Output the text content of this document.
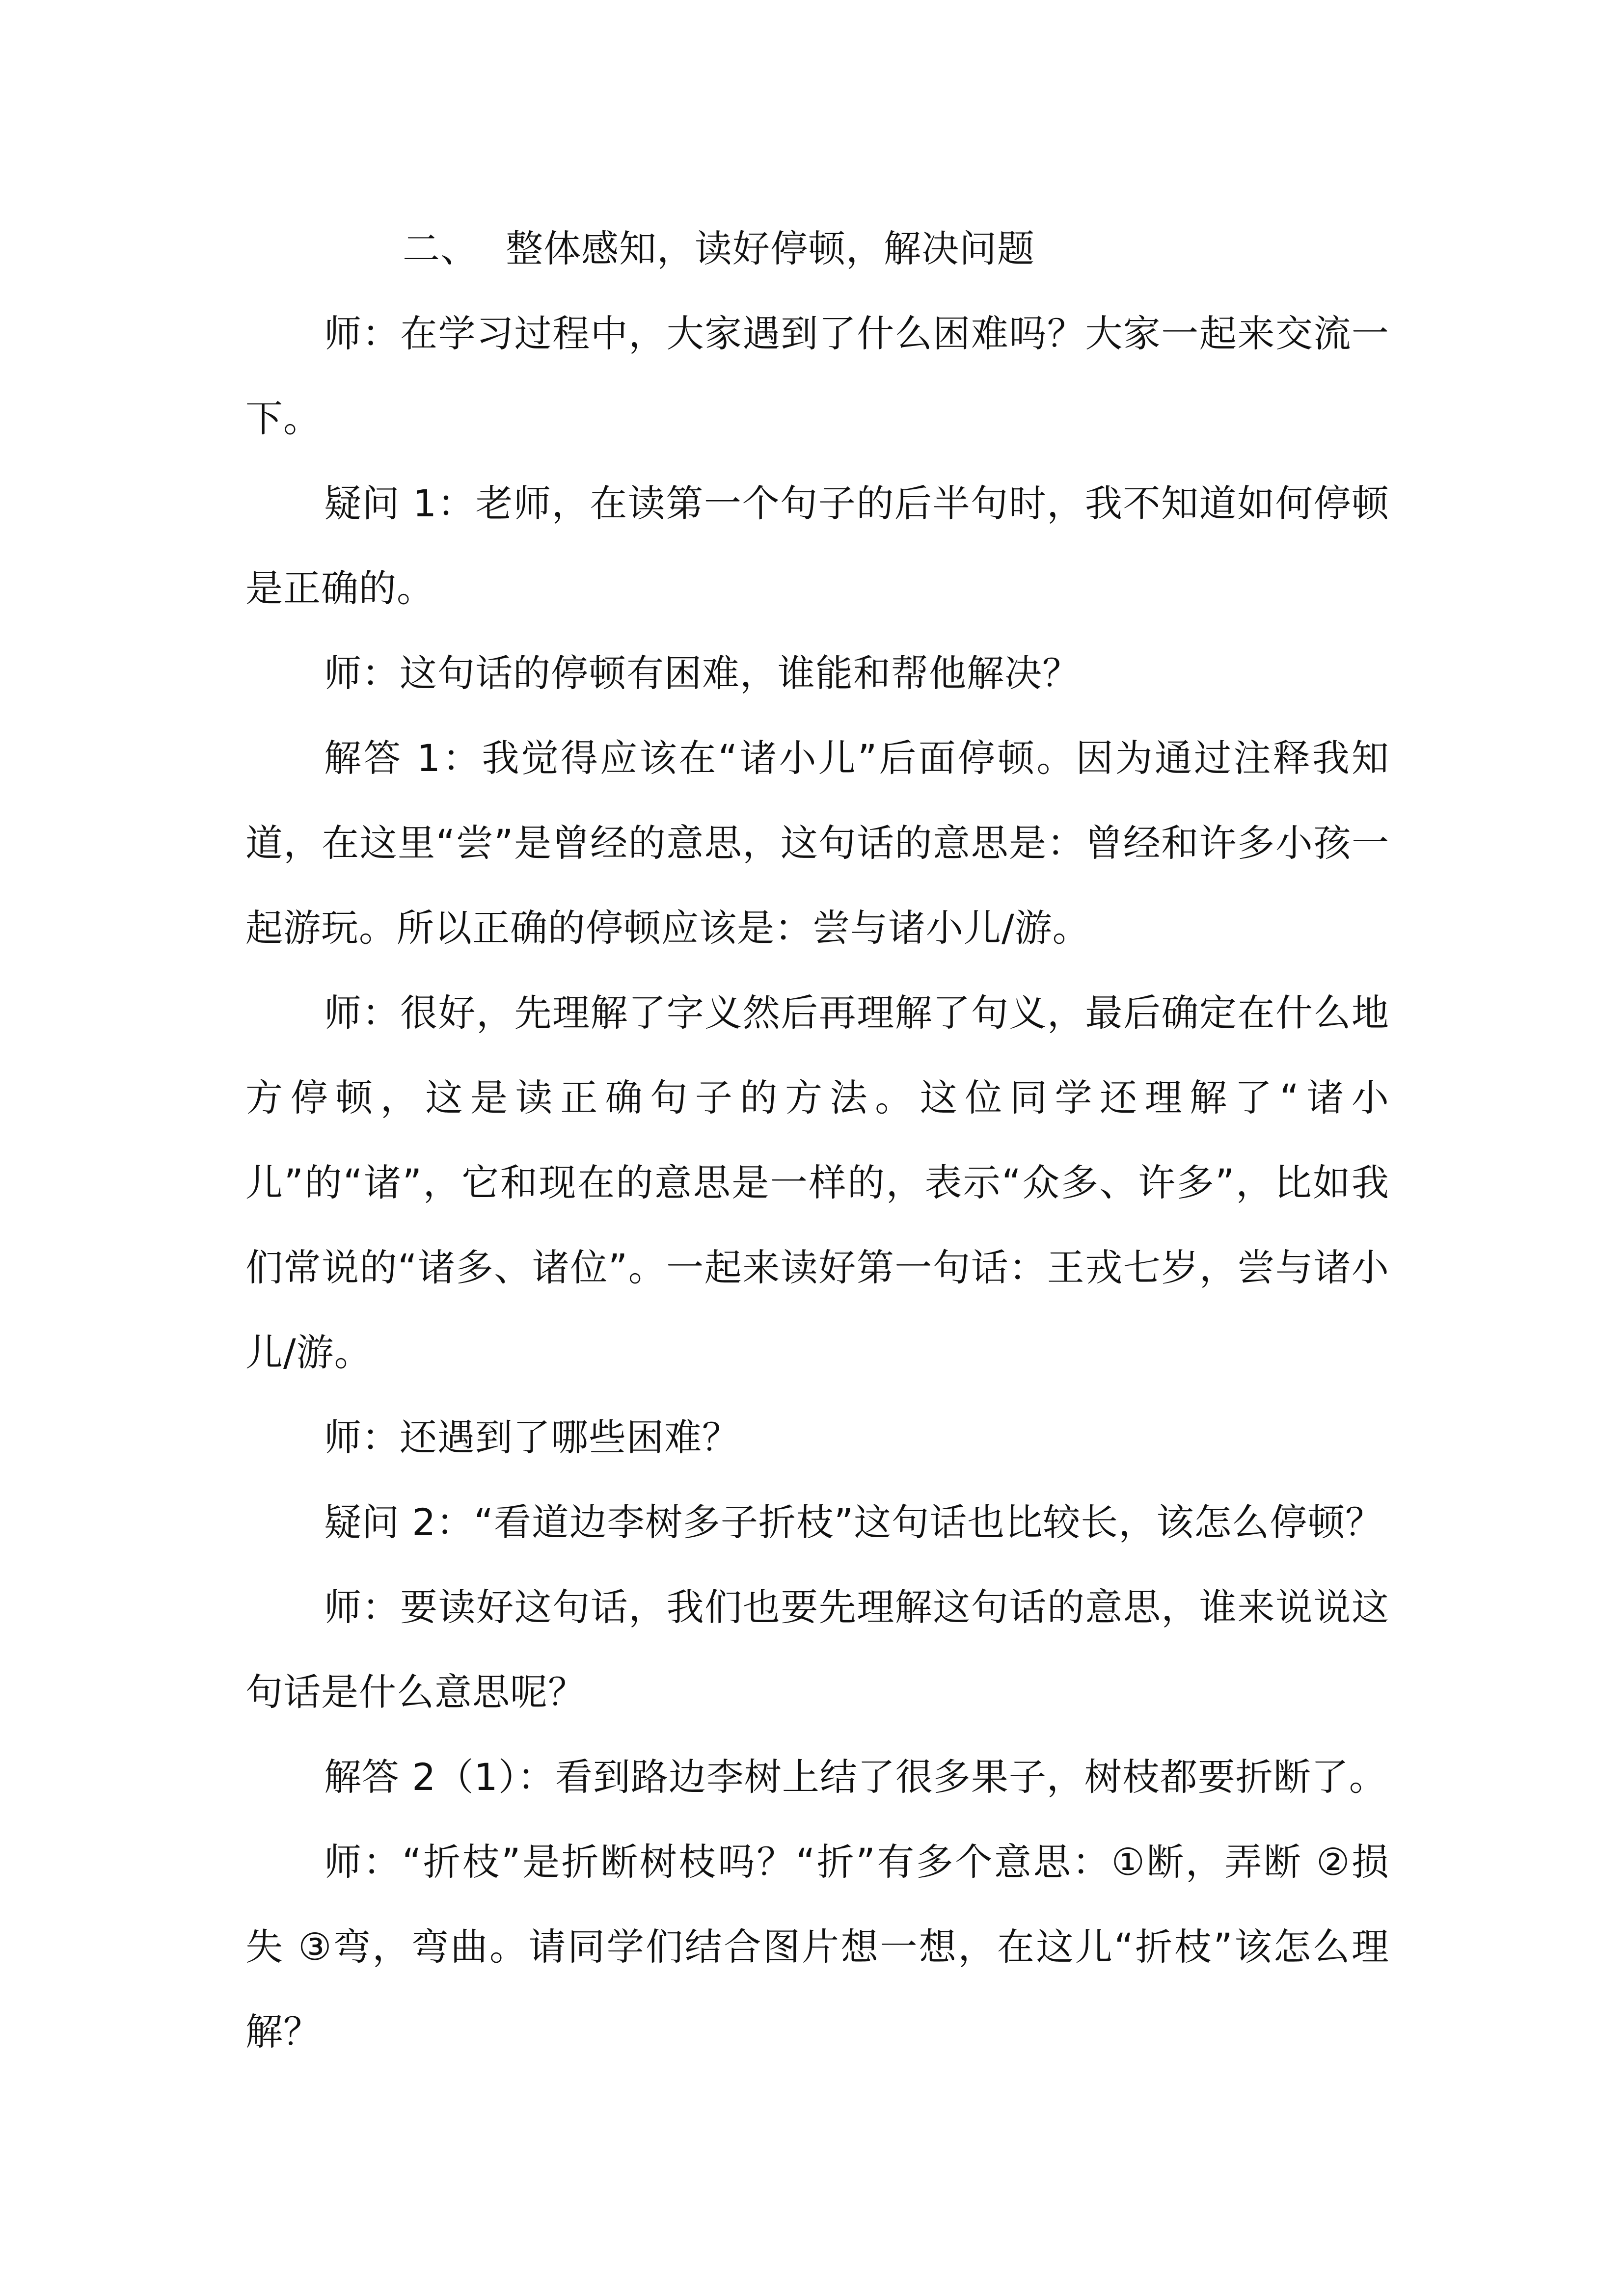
二、 整体感知，读好停顿，解决问题

师：在学习过程中，大家遇到了什么困难吗？大家一起来交流一下。

疑问 1：老师，在读第一个句子的后半句时，我不知道如何停顿是正确的。

师：这句话的停顿有困难，谁能和帮他解决？

解答 1：我觉得应该在“诸小儿”后面停顿。因为通过注释我知道，在这里“尝”是曾经的意思，这句话的意思是：曾经和许多小孩一起游玩。所以正确的停顿应该是：尝与诸小儿/游。

师：很好，先理解了字义然后再理解了句义，最后确定在什么地方停顿，这是读正确句子的方法。这位同学还理解了“诸小儿”的“诸”，它和现在的意思是一样的，表示“众多、许多”，比如我们常说的“诸多、诸位”。一起来读好第一句话：王戎七岁，尝与诸小儿/游。

师：还遇到了哪些困难？

疑问 2：“看道边李树多子折枝”这句话也比较长，该怎么停顿？

师：要读好这句话，我们也要先理解这句话的意思，谁来说说这句话是什么意思呢？

解答 2（1）：看到路边李树上结了很多果子，树枝都要折断了。

师：“折枝”是折断树枝吗？“折”有多个意思：①断，弄断 ②损失 ③弯，弯曲。请同学们结合图片想一想，在这儿“折枝”该怎么理解？
